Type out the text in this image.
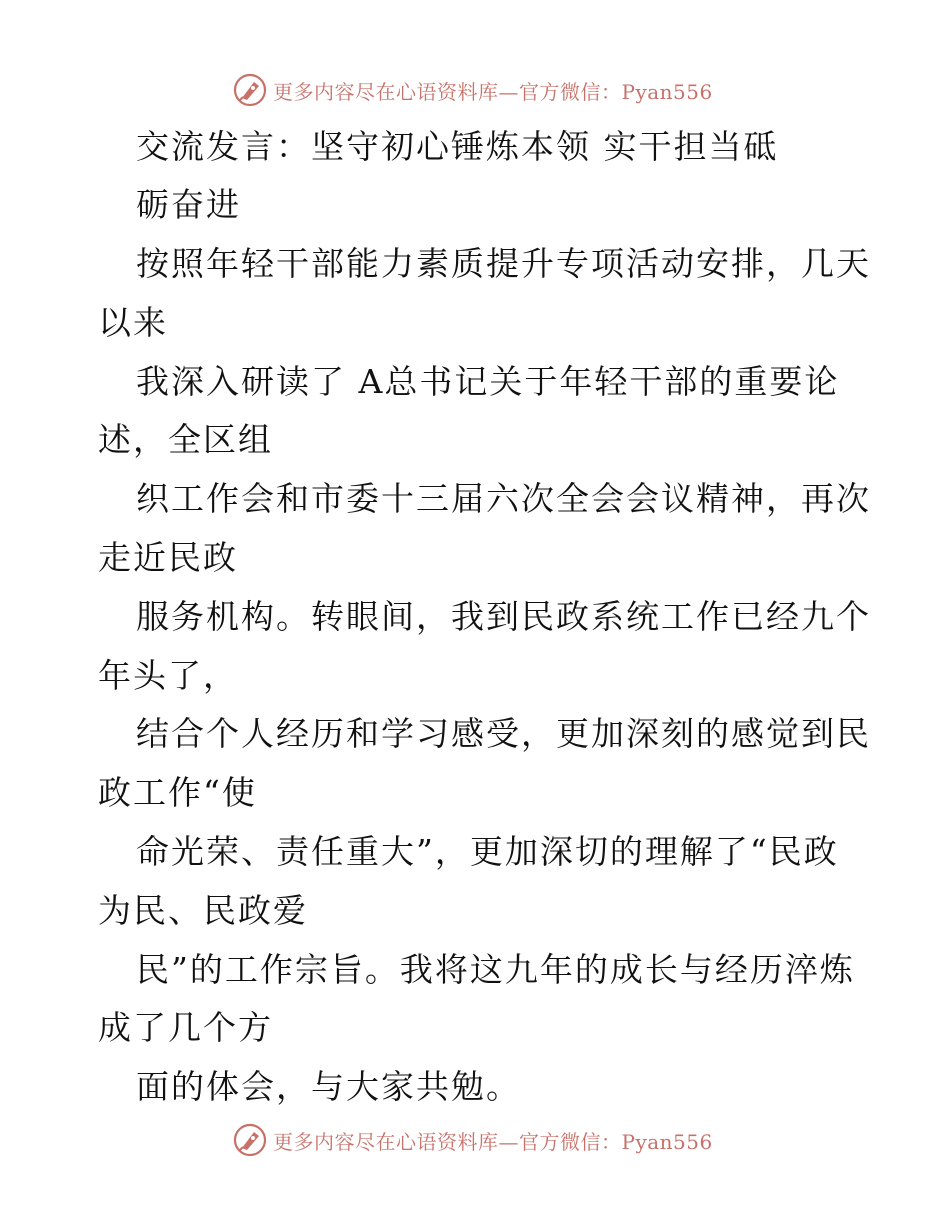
更多内容尽在心语资料库—官方微信：Pyan556
交流发言：坚守初心锤炼本领 实干担当砥
砺奋进
按照年轻干部能力素质提升专项活动安排，几天
以来
我深入研读了 A总书记关于年轻干部的重要论
述，全区组
织工作会和市委十三届六次全会会议精神，再次
走近民政
服务机构。转眼间，我到民政系统工作已经九个
年头了，
结合个人经历和学习感受，更加深刻的感觉到民
政工作“使
命光荣、责任重大”，更加深切的理解了“民政
为民、民政爱
民”的工作宗旨。我将这九年的成长与经历淬炼
成了几个方
面的体会，与大家共勉。
更多内容尽在心语资料库—官方微信：Pyan556
